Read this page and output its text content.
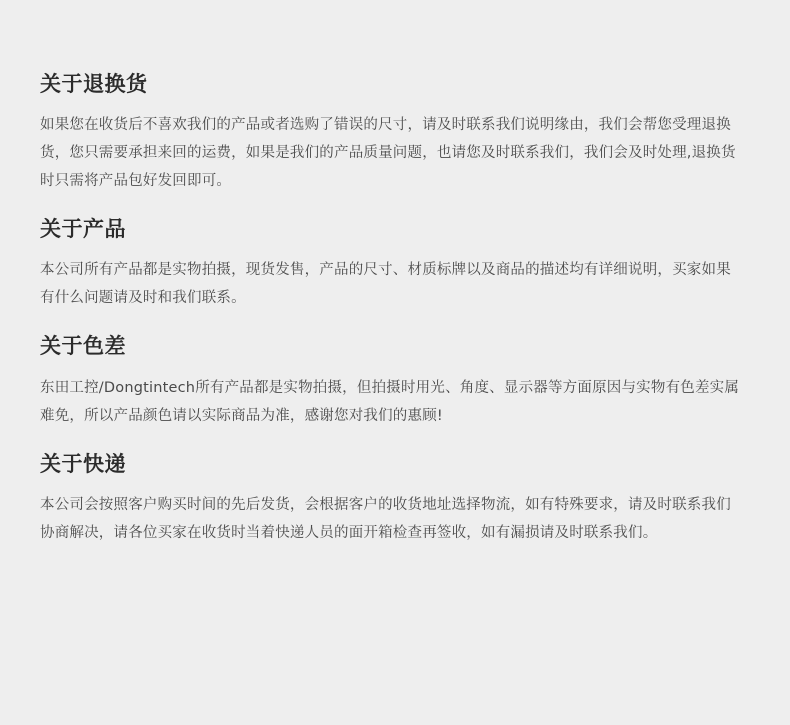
关于退换货

如果您在收货后不喜欢我们的产品或者选购了错误的尺寸，请及时联系我们说明缘由，我们会帮您受理退换货，您只需要承担来回的运费，如果是我们的产品质量问题，也请您及时联系我们，我们会及时处理,退换货时只需将产品包好发回即可。

关于产品

本公司所有产品都是实物拍摄，现货发售，产品的尺寸、材质标牌以及商品的描述均有详细说明，买家如果有什么问题请及时和我们联系。

关于色差

东田工控/Dongtintech所有产品都是实物拍摄，但拍摄时用光、角度、显示器等方面原因与实物有色差实属难免，所以产品颜色请以实际商品为准，感谢您对我们的惠顾!

关于快递

本公司会按照客户购买时间的先后发货，会根据客户的收货地址选择物流，如有特殊要求，请及时联系我们协商解决，请各位买家在收货时当着快递人员的面开箱检查再签收，如有漏损请及时联系我们。
